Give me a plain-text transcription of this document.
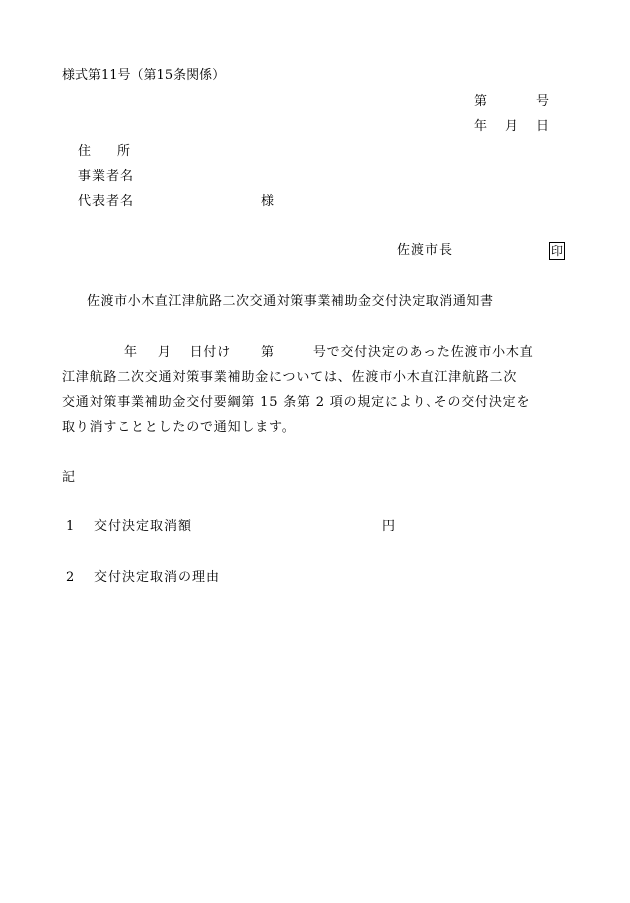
様式第11号（第15条関係）
第	号
年 月 日
住　　所
事業者名
代表者名	様
佐渡市長	印
佐渡市小木直江津航路二次交通対策事業補助金交付決定取消通知書
年 月 日付け 第	号で交付決定のあった佐渡市小木直
江津航路二次交通対策事業補助金については、佐渡市小木直江津航路二次
交通対策事業補助金交付要綱第 15 条第 2 項の規定により､その交付決定を
取り消すこととしたので通知します。
記
1 交付決定取消額	円
2 交付決定取消の理由
